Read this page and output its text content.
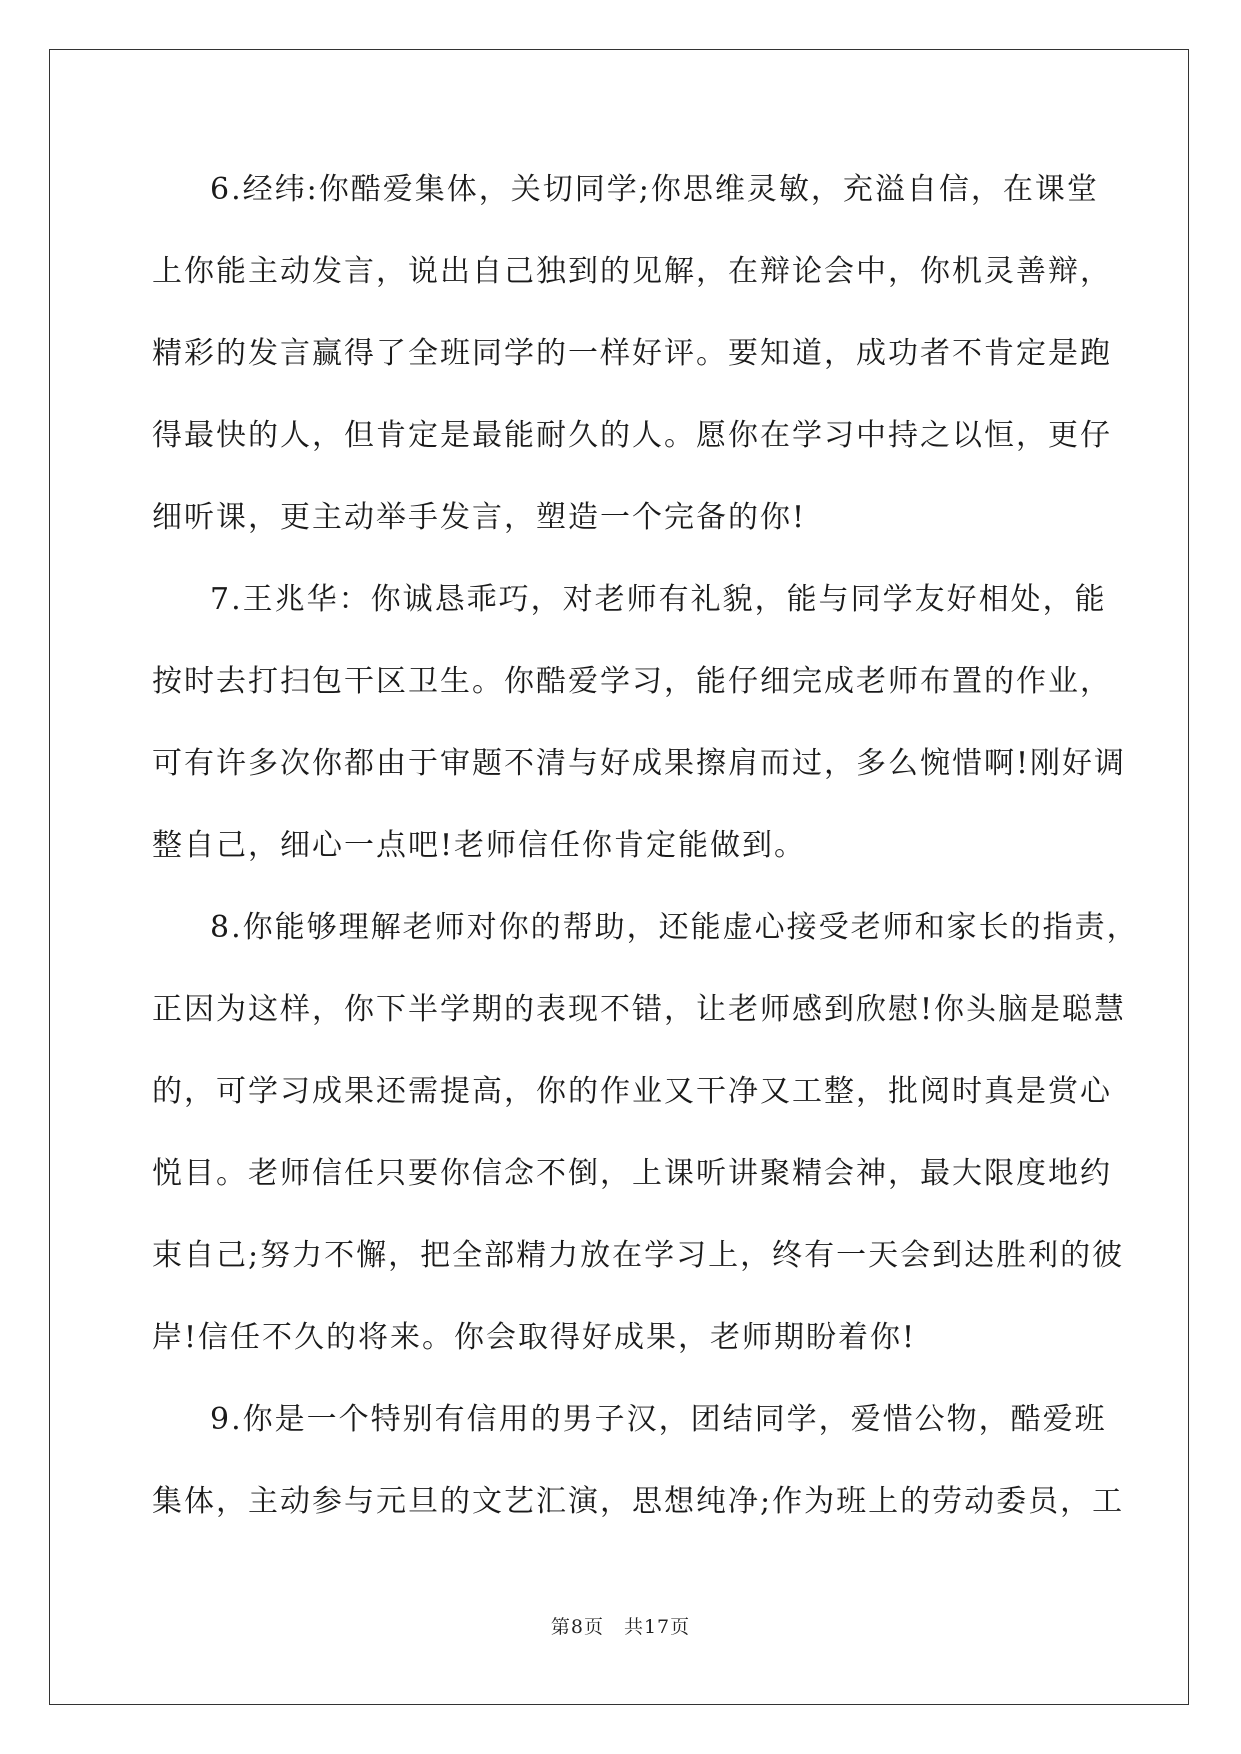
6.经纬:你酷爱集体，关切同学;你思维灵敏，充溢自信，在课堂
上你能主动发言，说出自己独到的见解，在辩论会中，你机灵善辩，
精彩的发言赢得了全班同学的一样好评。要知道，成功者不肯定是跑
得最快的人，但肯定是最能耐久的人。愿你在学习中持之以恒，更仔
细听课，更主动举手发言，塑造一个完备的你!
7.王兆华：你诚恳乖巧，对老师有礼貌，能与同学友好相处，能
按时去打扫包干区卫生。你酷爱学习，能仔细完成老师布置的作业，
可有许多次你都由于审题不清与好成果擦肩而过，多么惋惜啊!刚好调
整自己，细心一点吧!老师信任你肯定能做到。
8.你能够理解老师对你的帮助，还能虚心接受老师和家长的指责，
正因为这样，你下半学期的表现不错，让老师感到欣慰!你头脑是聪慧
的，可学习成果还需提高，你的作业又干净又工整，批阅时真是赏心
悦目。老师信任只要你信念不倒，上课听讲聚精会神，最大限度地约
束自己;努力不懈，把全部精力放在学习上，终有一天会到达胜利的彼
岸!信任不久的将来。你会取得好成果，老师期盼着你!
9.你是一个特别有信用的男子汉，团结同学，爱惜公物，酷爱班
集体，主动参与元旦的文艺汇演，思想纯净;作为班上的劳动委员，工
第8页　共17页
